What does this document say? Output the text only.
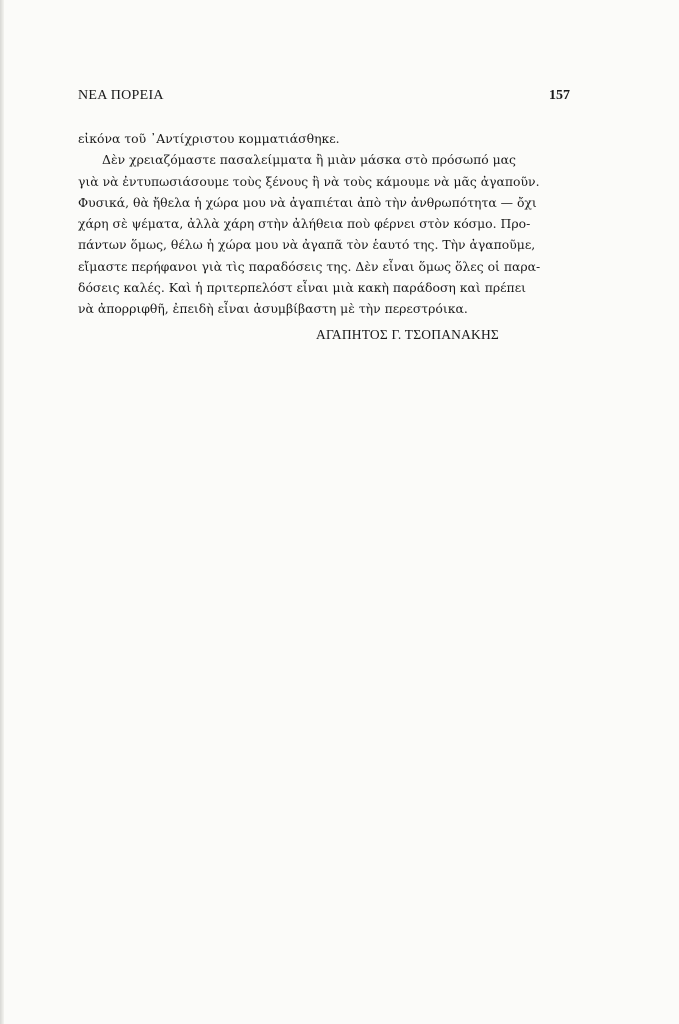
ΝΕΑ ΠΟΡΕΙΑ	157
εἰκόνα τοῦ ᾽Αντίχριστου κομματιάσθηκε.
Δὲν χρειαζόμαστε πασαλείμματα ἢ μιὰν μάσκα στὸ πρόσωπό μας
γιὰ νὰ ἐντυπωσιάσουμε τοὺς ξένους ἢ νὰ τοὺς κάμουμε νὰ μᾶς ἀγαποῦν.
Φυσικά, θὰ ἤθελα ἡ χώρα μου νὰ ἀγαπιέται ἀπὸ τὴν ἀνθρωπότητα — ὄχι
χάρη σὲ ψέματα, ἀλλὰ χάρη στὴν ἀλήθεια ποὺ φέρνει στὸν κόσμο. Προ-
πάντων ὅμως, θέλω ἡ χώρα μου νὰ ἀγαπᾶ τὸν ἑαυτό της. Τὴν ἀγαποῦμε,
εἴμαστε περήφανοι γιὰ τὶς παραδόσεις της. Δὲν εἶναι ὅμως ὅλες οἱ παρα-
δόσεις καλές. Καὶ ἡ πριτερπελόστ εἶναι μιὰ κακὴ παράδοση καὶ πρέπει
νὰ ἀπορριφθῆ, ἐπειδὴ εἶναι ἀσυμβίβαστη μὲ τὴν περεστρόικα.
ΑΓΑΠΗΤΟΣ Γ. ΤΣΟΠΑΝΑΚΗΣ
